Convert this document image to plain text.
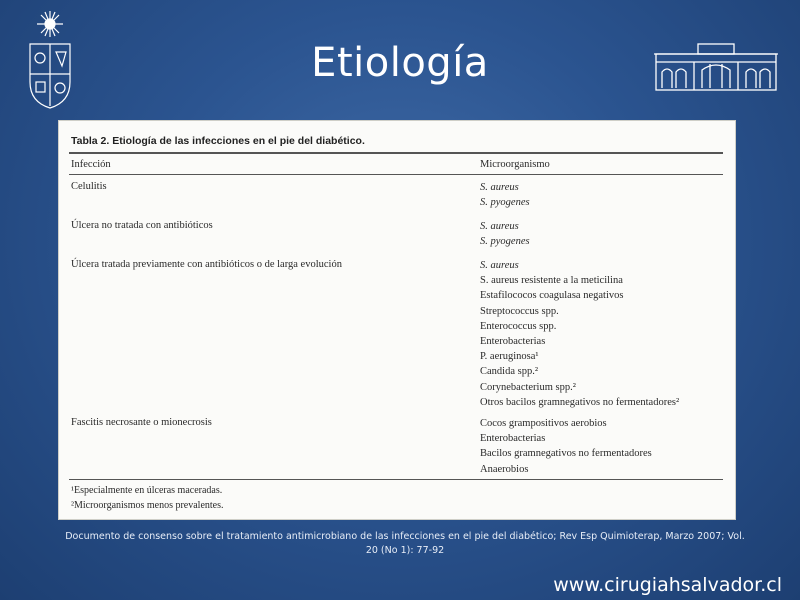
Etiología
Tabla 2. Etiología de las infecciones en el pie del diabético.
Infección	Microorganismo
Celulitis	S. aureus
S. pyogenes
Úlcera no tratada con antibióticos	S. aureus
S. pyogenes
Úlcera tratada previamente con antibióticos o de larga evolución	S. aureus
S. aureus resistente a la meticilina
Estafilococos coagulasa negativos
Streptococcus spp.
Enterococcus spp.
Enterobacterias
P. aeruginosa¹
Candida spp.²
Corynebacterium spp.²
Otros bacilos gramnegativos no fermentadores²
Fascitis necrosante o mionecrosis	Cocos grampositivos aerobios
Enterobacterias
Bacilos gramnegativos no fermentadores
Anaerobios
¹Especialmente en úlceras maceradas.
²Microorganismos menos prevalentes.
Documento de consenso sobre el tratamiento antimicrobiano de las infecciones en el pie del diabético; Rev Esp Quimioterap, Marzo 2007; Vol. 20 (No 1): 77-92
www.cirugiahsalvador.cl
